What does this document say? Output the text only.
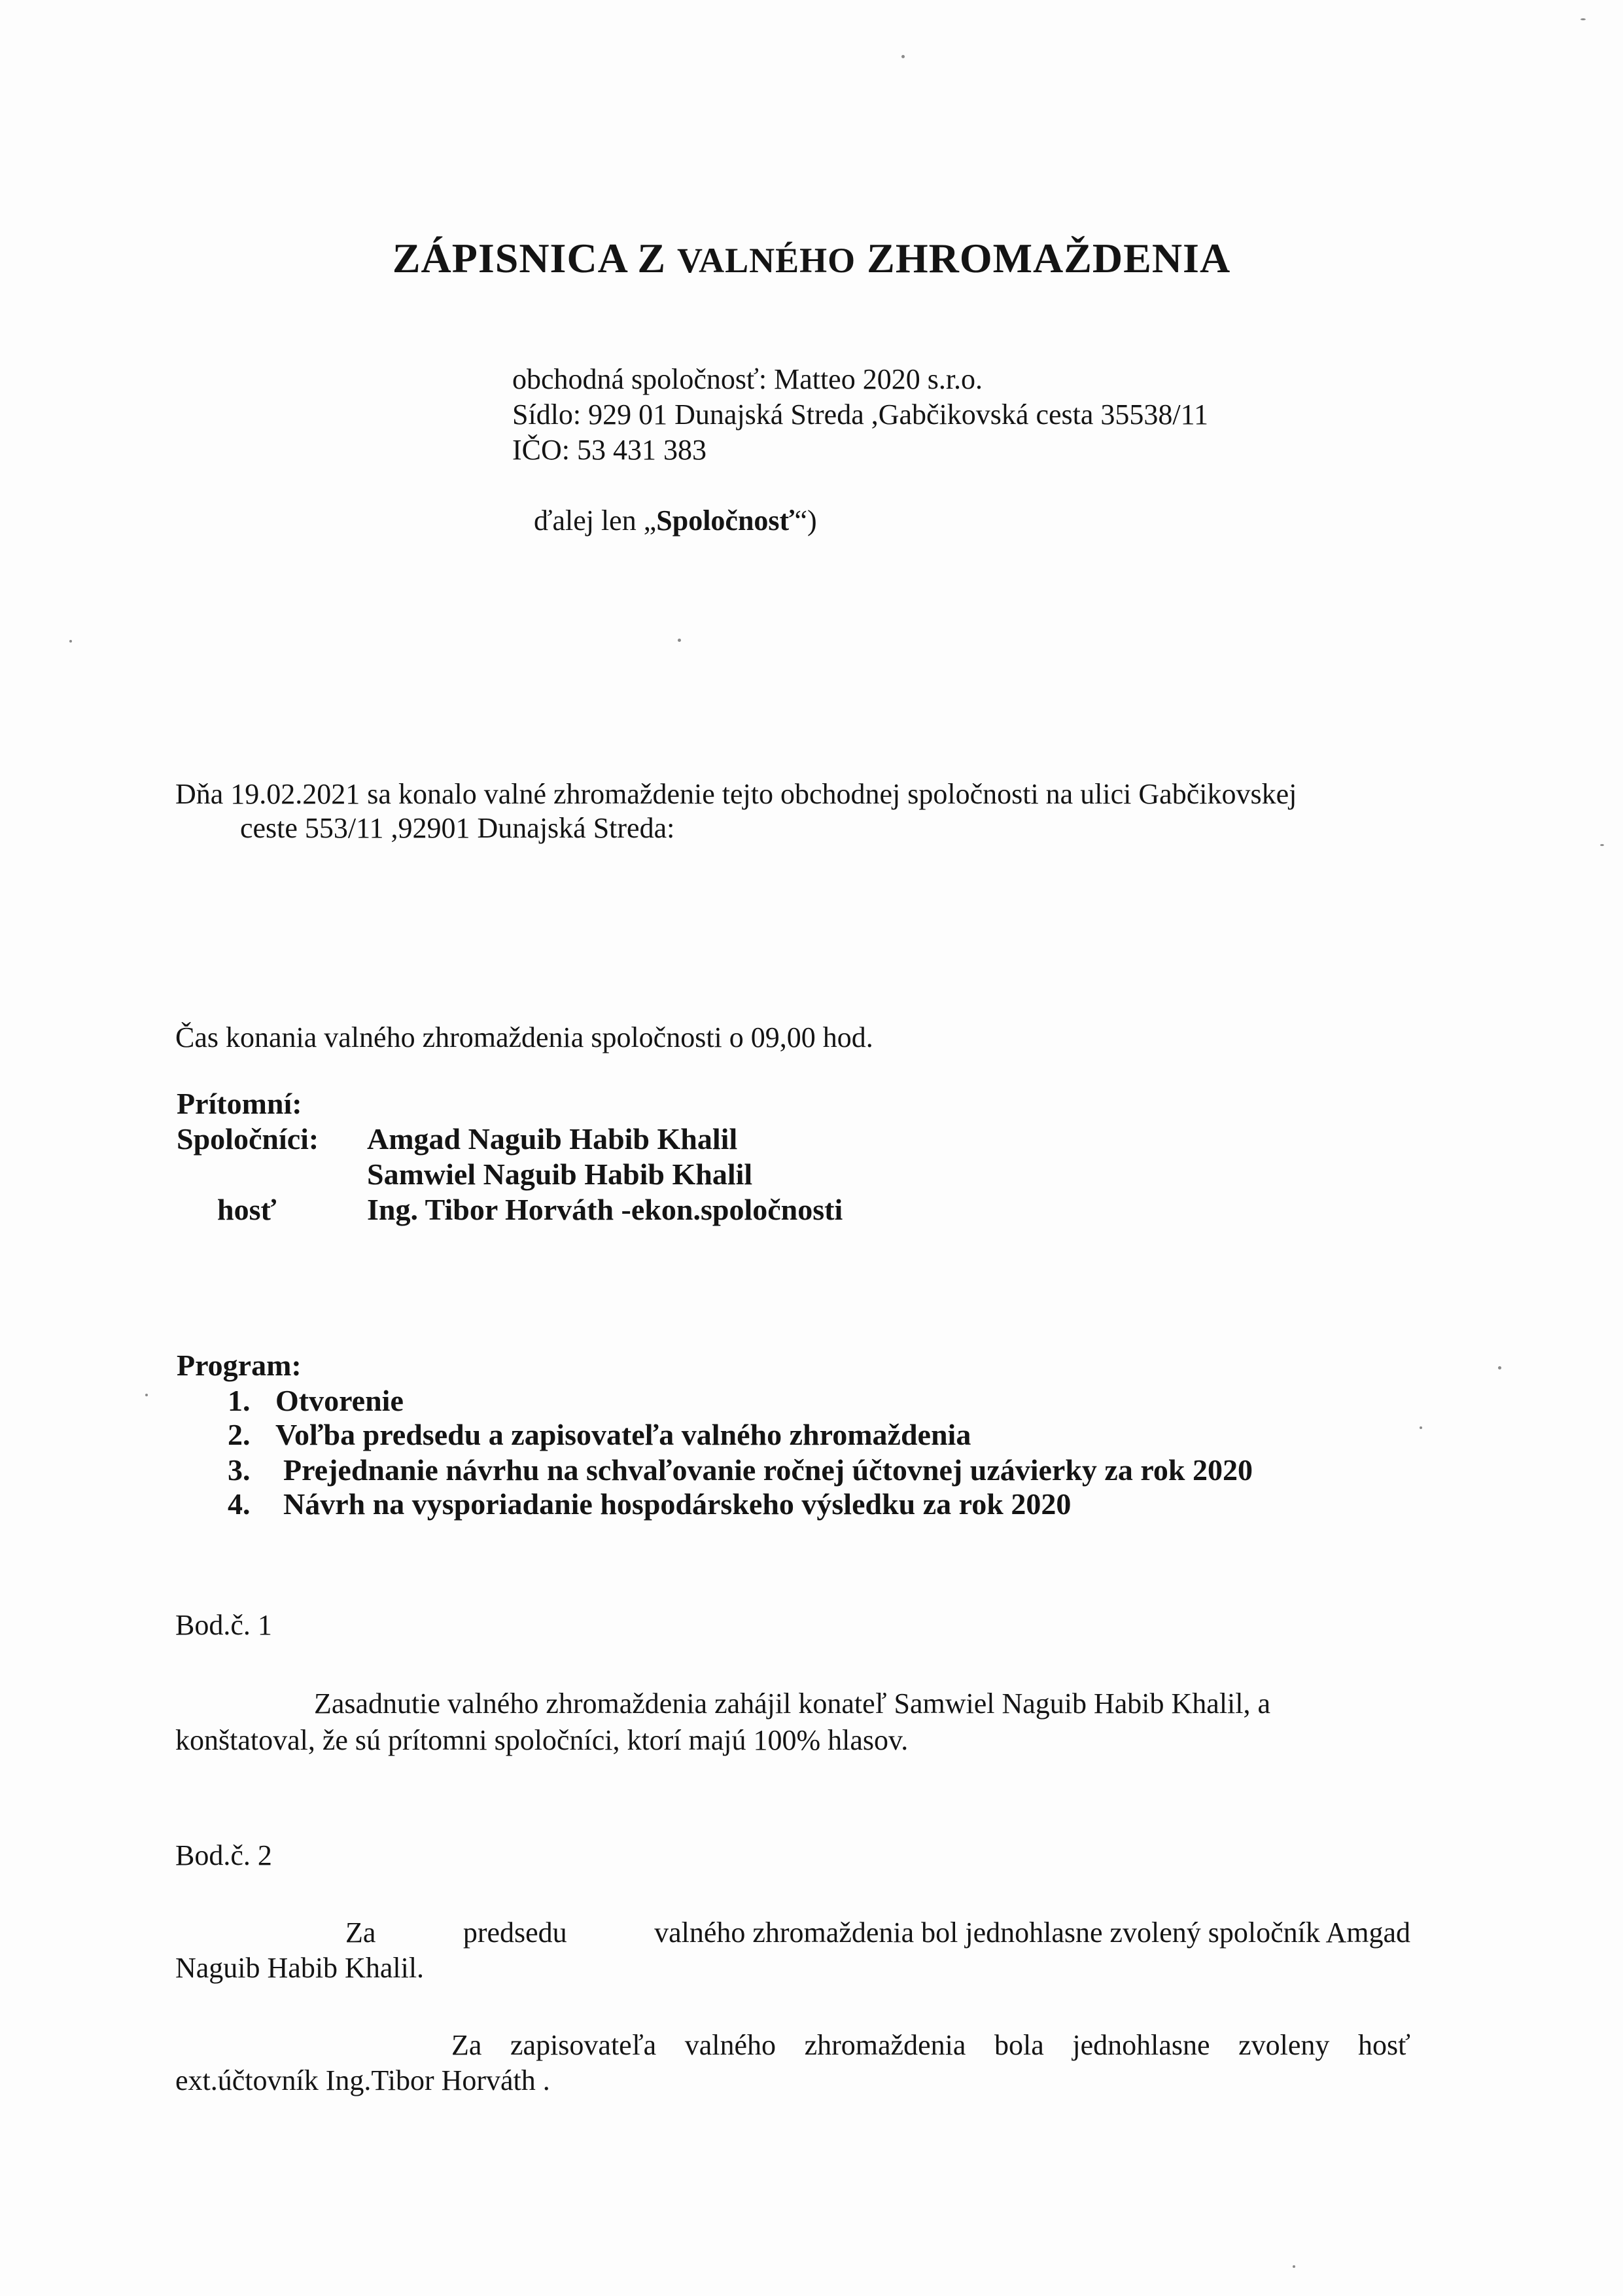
ZÁPISNICA Z VALNÉHO ZHROMAŽDENIA
obchodná spoločnosť: Matteo 2020 s.r.o.
Sídlo: 929 01 Dunajská Streda ,Gabčikovská cesta 35538/11
IČO: 53 431 383
ďalej len „Spoločnosť“)
Dňa 19.02.2021 sa konalo valné zhromaždenie tejto obchodnej spoločnosti na ulici Gabčikovskej
ceste 553/11 ,92901 Dunajská Streda:
Čas konania valného zhromaždenia spoločnosti o 09,00 hod.
Prítomní:
Spoločníci: Amgad Naguib Habib Khalil
Samwiel Naguib Habib Khalil
hosť	Ing. Tibor Horváth -ekon.spoločnosti
Program:
1. Otvorenie
2. Voľba predsedu a zapisovateľa valného zhromaždenia
3. Prejednanie návrhu na schvaľovanie ročnej účtovnej uzávierky za rok 2020
4. Návrh na vysporiadanie hospodárskeho výsledku za rok 2020
Bod.č. 1
Zasadnutie valného zhromaždenia zahájil konateľ Samwiel Naguib Habib Khalil, a
konštatoval, že sú prítomni spoločníci, ktorí majú 100% hlasov.
Bod.č. 2
Za	predsedu	valného zhromaždenia bol jednohlasne zvolený spoločník Amgad
Naguib Habib Khalil.
Za zapisovateľa valného zhromaždenia bola jednohlasne zvoleny hosť
ext.účtovník Ing.Tibor Horváth .
